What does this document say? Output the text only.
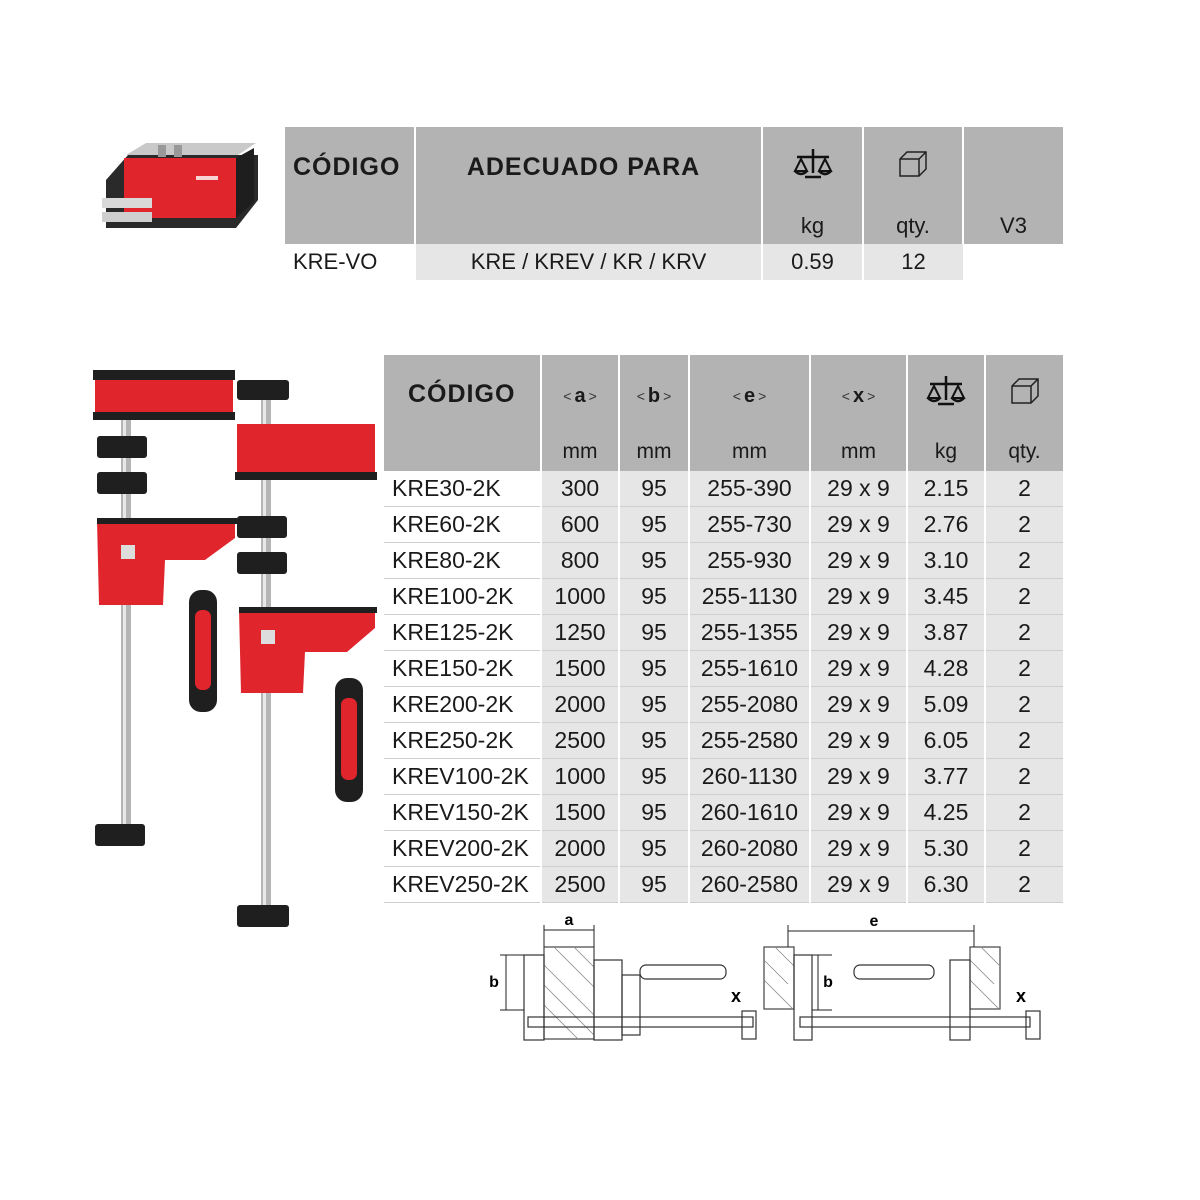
CÓDIGO	ADECUADO PARA			
		kg	qty.	V3
KRE-VO	KRE / KREV / KR / KRV	0.59	12	
CÓDIGO	< a >	< b >	< e >	< x >

	mm	mm	mm	mm	kg	qty.
KRE30-2K	300	95	255-390	29 x 9	2.15	2
KRE60-2K	600	95	255-730	29 x 9	2.76	2
KRE80-2K	800	95	255-930	29 x 9	3.10	2
KRE100-2K	1000	95	255-1130	29 x 9	3.45	2
KRE125-2K	1250	95	255-1355	29 x 9	3.87	2
KRE150-2K	1500	95	255-1610	29 x 9	4.28	2
KRE200-2K	2000	95	255-2080	29 x 9	5.09	2
KRE250-2K	2500	95	255-2580	29 x 9	6.05	2
KREV100-2K	1000	95	260-1130	29 x 9	3.77	2
KREV150-2K	1500	95	260-1610	29 x 9	4.25	2
KREV200-2K	2000	95	260-2080	29 x 9	5.30	2
KREV250-2K	2500	95	260-2580	29 x 9	6.30	2
a
b
x
e
b
x
